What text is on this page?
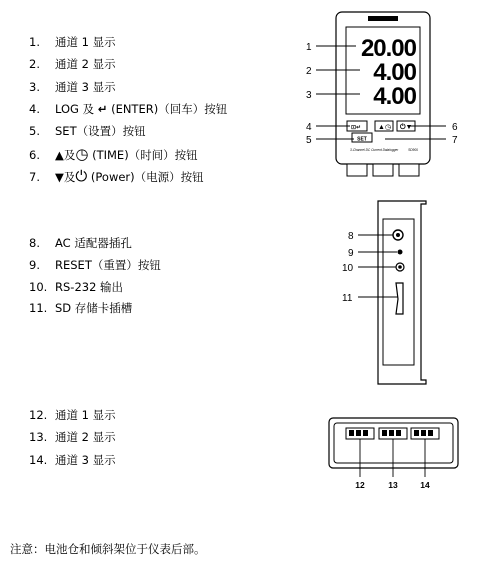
1. 通道 1 显示
2. 通道 2 显示
3. 通道 3 显示
4. LOG 及 ↵ (ENTER)（回车）按钮
5. SET（设置）按钮
6. ▲及◷ (TIME)（时间）按钮
7. ▼及⏻ (Power)（电源）按钮
8. AC 适配器插孔
9. RESET（重置）按钮
10. RS-232 输出
11. SD 存储卡插槽
12. 通道 1 显示
13. 通道 2 显示
14. 通道 3 显示
注意：电池仓和倾斜架位于仪表后部。
20.00
4.00
4.00
⊡↵ ▲◷ ⏻▼
SET
3-Channel DC Current Datalogger	SD900
1
2
3
4
5
6
7
8
9
10
11
12	13	14
